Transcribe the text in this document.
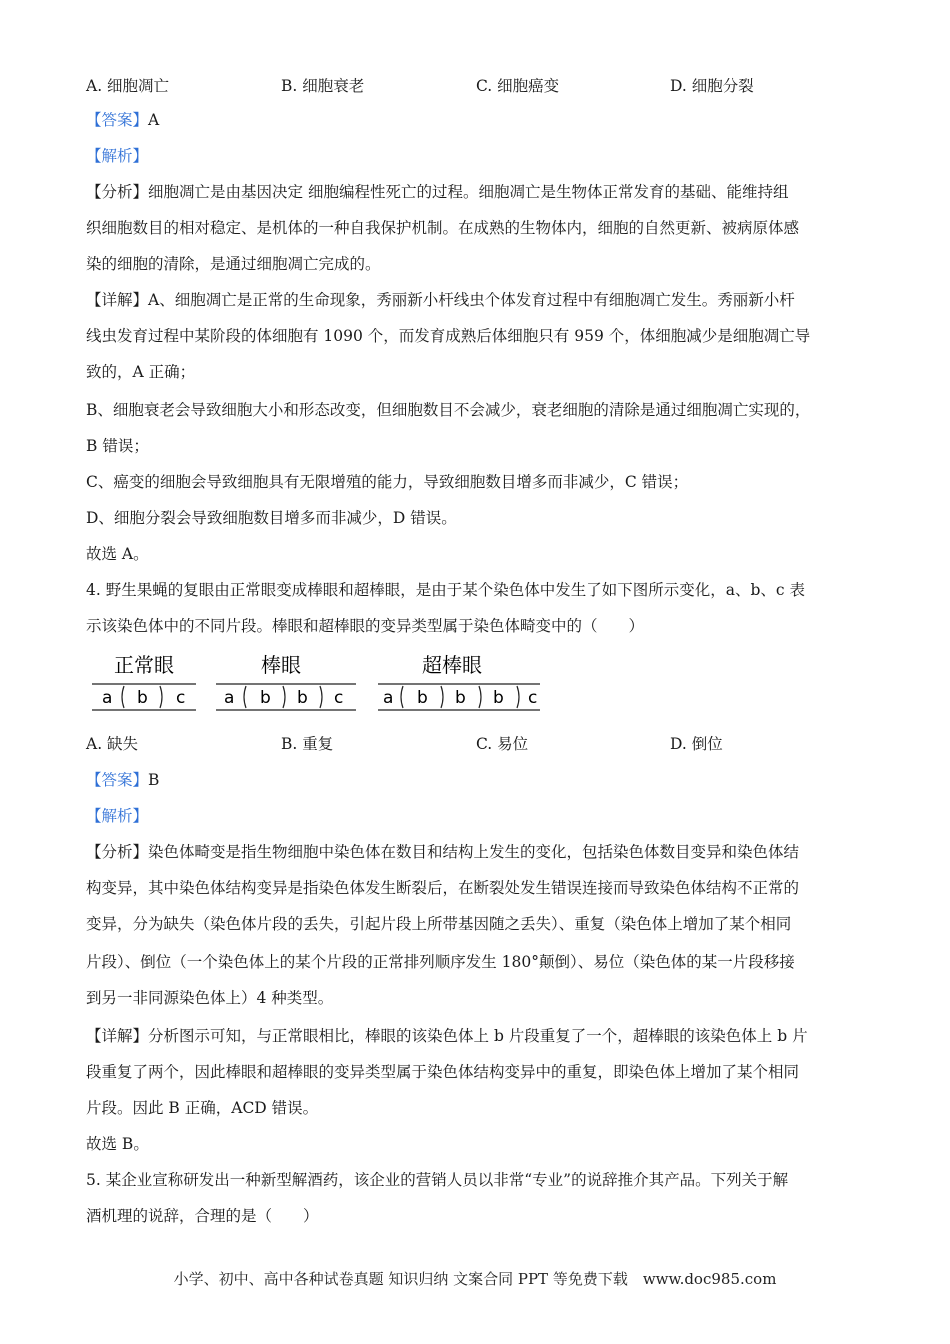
A. 细胞凋亡	B. 细胞衰老	C. 细胞癌变	D. 细胞分裂
【答案】A
【解析】
【分析】细胞凋亡是由基因决定 细胞编程性死亡的过程。细胞凋亡是生物体正常发育的基础、能维持组
织细胞数目的相对稳定、是机体的一种自我保护机制。在成熟的生物体内，细胞的自然更新、被病原体感
染的细胞的清除，是通过细胞凋亡完成的。
【详解】A、细胞凋亡是正常的生命现象，秀丽新小杆线虫个体发育过程中有细胞凋亡发生。秀丽新小杆
线虫发育过程中某阶段的体细胞有 1090 个，而发育成熟后体细胞只有 959 个，体细胞减少是细胞凋亡导
致的，A 正确；
B、细胞衰老会导致细胞大小和形态改变，但细胞数目不会减少，衰老细胞的清除是通过细胞凋亡实现的，
B 错误；
C、癌变的细胞会导致细胞具有无限增殖的能力，导致细胞数目增多而非减少，C 错误；
D、细胞分裂会导致细胞数目增多而非减少，D 错误。
故选 A。
4. 野生果蝇的复眼由正常眼变成棒眼和超棒眼，是由于某个染色体中发生了如下图所示变化，a、b、c 表
示该染色体中的不同片段。棒眼和超棒眼的变异类型属于染色体畸变中的（　　）
正常眼	棒眼	超棒眼
a b c a b b c a b b b c
A. 缺失	B. 重复	C. 易位	D. 倒位
【答案】B
【解析】
【分析】染色体畸变是指生物细胞中染色体在数目和结构上发生的变化，包括染色体数目变异和染色体结
构变异，其中染色体结构变异是指染色体发生断裂后，在断裂处发生错误连接而导致染色体结构不正常的
变异，分为缺失（染色体片段的丢失，引起片段上所带基因随之丢失）、重复（染色体上增加了某个相同
片段）、倒位（一个染色体上的某个片段的正常排列顺序发生 180°颠倒）、易位（染色体的某一片段移接
到另一非同源染色体上）4 种类型。
【详解】分析图示可知，与正常眼相比，棒眼的该染色体上 b 片段重复了一个，超棒眼的该染色体上 b 片
段重复了两个，因此棒眼和超棒眼的变异类型属于染色体结构变异中的重复，即染色体上增加了某个相同
片段。因此 B 正确，ACD 错误。
故选 B。
5. 某企业宣称研发出一种新型解酒药，该企业的营销人员以非常“专业”的说辞推介其产品。下列关于解
酒机理的说辞，合理的是（　　）
小学、初中、高中各种试卷真题 知识归纳 文案合同 PPT 等免费下载　www.doc985.com
